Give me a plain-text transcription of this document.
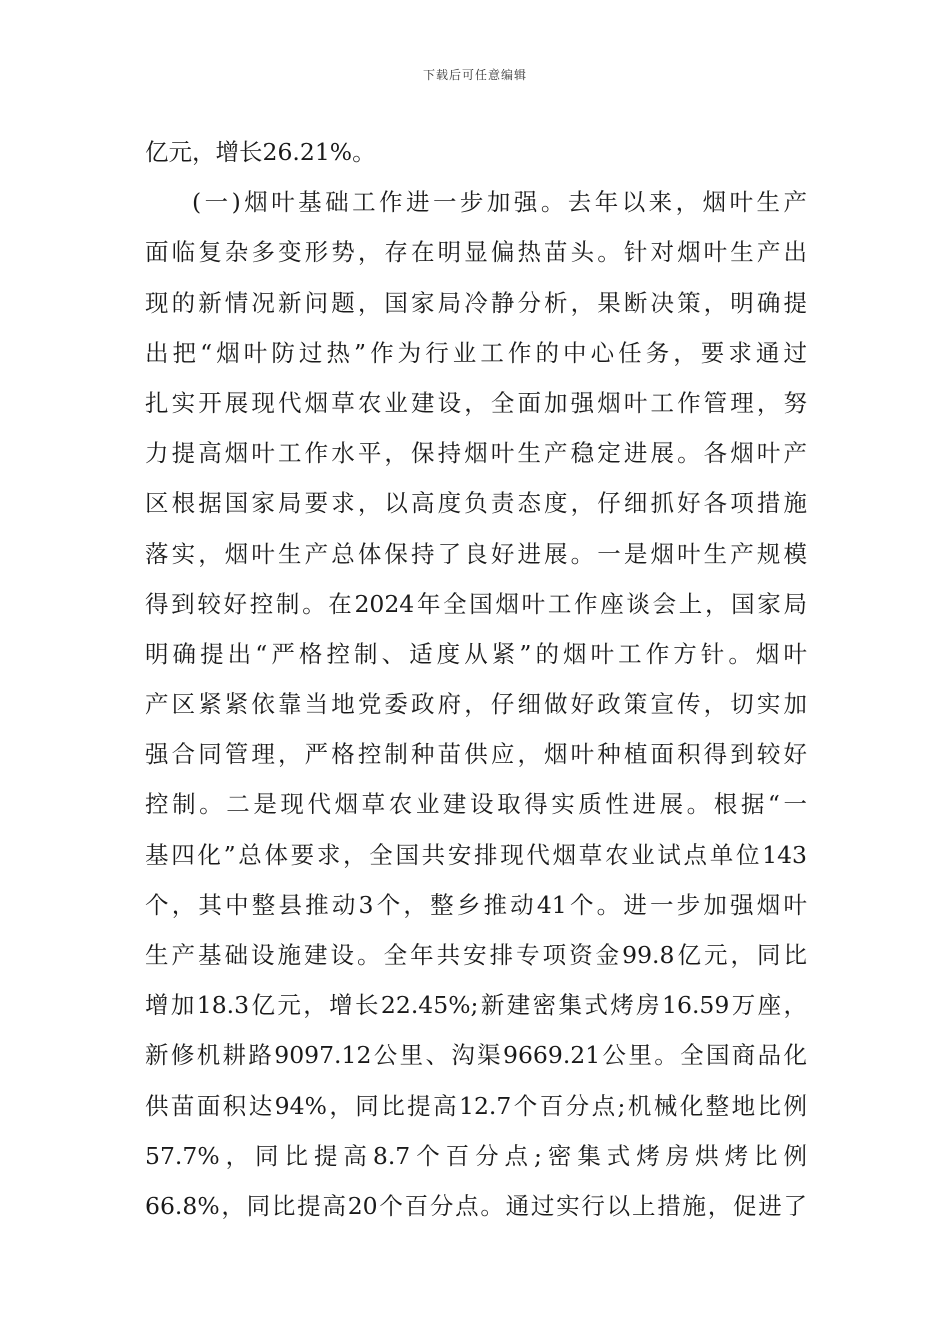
下载后可任意编辑
亿元，增长26.21%。
(一)烟叶基础工作进一步加强。去年以来，烟叶生产
面临复杂多变形势，存在明显偏热苗头。针对烟叶生产出
现的新情况新问题，国家局冷静分析，果断决策，明确提
出把“烟叶防过热”作为行业工作的中心任务，要求通过
扎实开展现代烟草农业建设，全面加强烟叶工作管理，努
力提高烟叶工作水平，保持烟叶生产稳定进展。各烟叶产
区根据国家局要求，以高度负责态度，仔细抓好各项措施
落实，烟叶生产总体保持了良好进展。一是烟叶生产规模
得到较好控制。在2024年全国烟叶工作座谈会上，国家局
明确提出“严格控制、适度从紧”的烟叶工作方针。烟叶
产区紧紧依靠当地党委政府，仔细做好政策宣传，切实加
强合同管理，严格控制种苗供应，烟叶种植面积得到较好
控制。二是现代烟草农业建设取得实质性进展。根据“一
基四化”总体要求，全国共安排现代烟草农业试点单位143
个，其中整县推动3个，整乡推动41个。进一步加强烟叶
生产基础设施建设。全年共安排专项资金99.8亿元，同比
增加18.3亿元，增长22.45%;新建密集式烤房16.59万座，
新修机耕路9097.12公里、沟渠9669.21公里。全国商品化
供苗面积达94%，同比提高12.7个百分点;机械化整地比例
57.7%，同比提高8.7个百分点;密集式烤房烘烤比例
66.8%，同比提高20个百分点。通过实行以上措施，促进了
